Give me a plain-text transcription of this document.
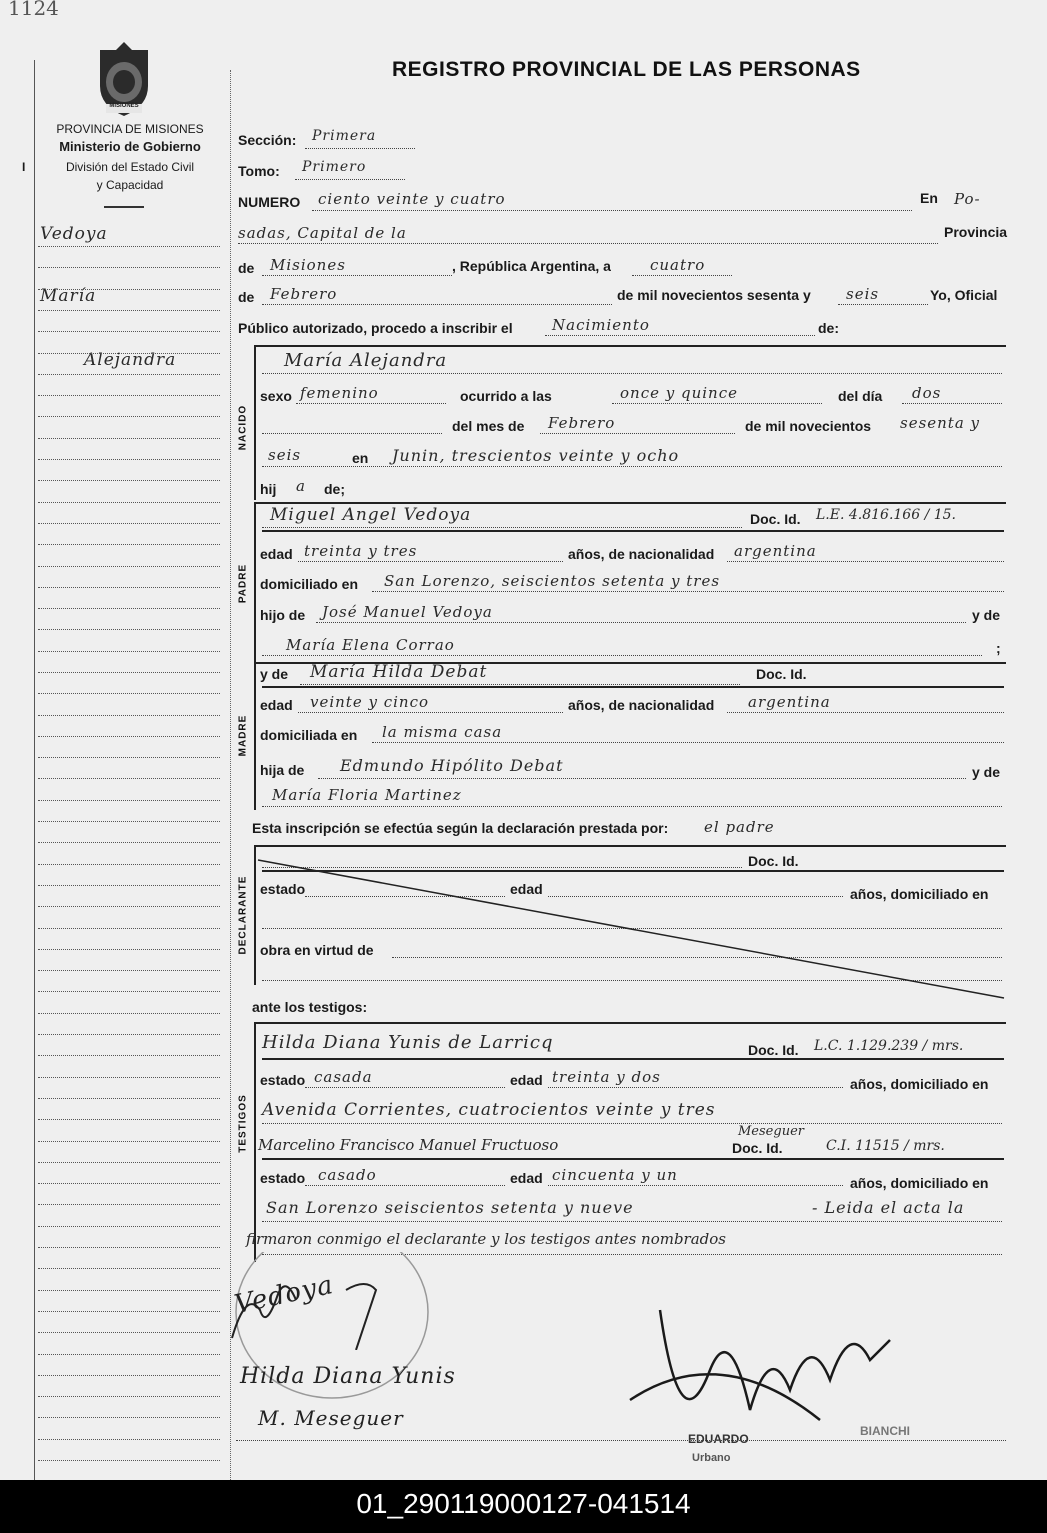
1124
MISIONES
REGISTRO PROVINCIAL DE LAS PERSONAS
PROVINCIA DE MISIONES
Ministerio de Gobierno
División del Estado Civil
y Capacidad
I
Vedoya
María
Alejandra
Sección: Primera
Tomo: Primero
NUMERO ciento veinte y cuatro	En Po-
sadas, Capital de la	Provincia
de Misiones	, República Argentina, a	cuatro
de Febrero	de mil novecientos sesenta y seis	Yo, Oficial
Público autorizado, procedo a inscribir el	Nacimiento	de:
NACIDO
María Alejandra
sexo femenino	ocurrido a las	once y quince	del día dos
del mes de Febrero	de mil novecientos sesenta y
seis	en Junin, trescientos veinte y ocho
hij a de;
PADRE
Miguel Angel Vedoya	Doc. Id. L.E. 4.816.166 / 15.
edad treinta y tres	años, de nacionalidad argentina
domiciliado en San Lorenzo, seiscientos setenta y tres
hijo de José Manuel Vedoya	y de
María Elena Corrao	;
MADRE
y de María Hilda Debat	Doc. Id.
edad veinte y cinco	años, de nacionalidad argentina
domiciliada en la misma casa
hija de Edmundo Hipólito Debat	y de
María Floria Martinez
Esta inscripción se efectúa según la declaración prestada por: el padre
DECLARANTE
Doc. Id.
estado	edad	años, domiciliado en
obra en virtud de
ante los testigos:
TESTIGOS
Hilda Diana Yunis de Larricq	Doc. Id. L.C. 1.129.239 / mrs.
estado casada	edad treinta y dos	años, domiciliado en
Avenida Corrientes, cuatrocientos veinte y tres
Marcelino Francisco Manuel Fructuoso
Meseguer
Doc. Id.	C.I. 11515 / mrs.
estado casado	edad cincuenta y un	años, domiciliado en
San Lorenzo seiscientos setenta y nueve	- Leida el acta la
firmaron conmigo el declarante y los testigos antes nombrados
Vedoya
Hilda Diana Yunis
M. Meseguer
EDUARDO
BIANCHI
Urbano
01_290119000127-041514
